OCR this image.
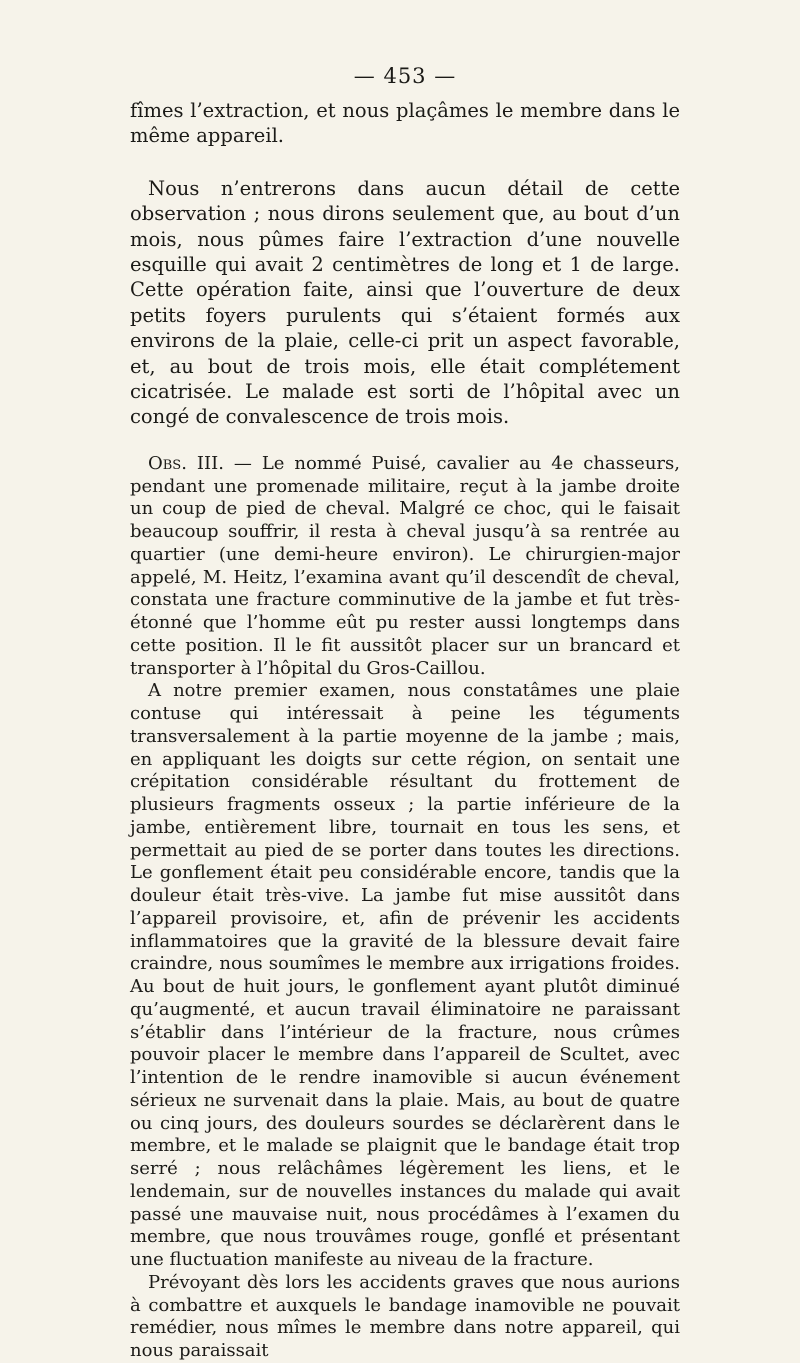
— 453 —

fîmes l’extraction, et nous plaçâmes le membre dans le même appareil.

Nous n’entrerons dans aucun détail de cette observation ; nous dirons seulement que, au bout d’un mois, nous pûmes faire l’extraction d’une nouvelle esquille qui avait 2 centimètres de long et 1 de large. Cette opération faite, ainsi que l’ouverture de deux petits foyers purulents qui s’étaient formés aux environs de la plaie, celle-ci prit un aspect favorable, et, au bout de trois mois, elle était complétement cicatrisée. Le malade est sorti de l’hôpital avec un congé de convalescence de trois mois.

Obs. III. — Le nommé Puisé, cavalier au 4e chasseurs, pendant une promenade militaire, reçut à la jambe droite un coup de pied de cheval. Malgré ce choc, qui le faisait beaucoup souffrir, il resta à cheval jusqu’à sa rentrée au quartier (une demi-heure environ). Le chirurgien-major appelé, M. Heitz, l’examina avant qu’il descendît de cheval, constata une fracture comminutive de la jambe et fut très-étonné que l’homme eût pu rester aussi longtemps dans cette position. Il le fit aussitôt placer sur un brancard et transporter à l’hôpital du Gros-Caillou.

A notre premier examen, nous constatâmes une plaie contuse qui intéressait à peine les téguments transversalement à la partie moyenne de la jambe ; mais, en appliquant les doigts sur cette région, on sentait une crépitation considérable résultant du frottement de plusieurs fragments osseux ; la partie inférieure de la jambe, entièrement libre, tournait en tous les sens, et permettait au pied de se porter dans toutes les directions. Le gonflement était peu considérable encore, tandis que la douleur était très-vive. La jambe fut mise aussitôt dans l’appareil provisoire, et, afin de prévenir les accidents inflammatoires que la gravité de la blessure devait faire craindre, nous soumîmes le membre aux irrigations froides. Au bout de huit jours, le gonflement ayant plutôt diminué qu’augmenté, et aucun travail éliminatoire ne paraissant s’établir dans l’intérieur de la fracture, nous crûmes pouvoir placer le membre dans l’appareil de Scultet, avec l’intention de le rendre inamovible si aucun événement sérieux ne survenait dans la plaie. Mais, au bout de quatre ou cinq jours, des douleurs sourdes se déclarèrent dans le membre, et le malade se plaignit que le bandage était trop serré ; nous relâchâmes légèrement les liens, et le lendemain, sur de nouvelles instances du malade qui avait passé une mauvaise nuit, nous procédâmes à l’examen du membre, que nous trouvâmes rouge, gonflé et présentant une fluctuation manifeste au niveau de la fracture.

Prévoyant dès lors les accidents graves que nous aurions à combattre et auxquels le bandage inamovible ne pouvait remédier, nous mîmes le membre dans notre appareil, qui nous paraissait
